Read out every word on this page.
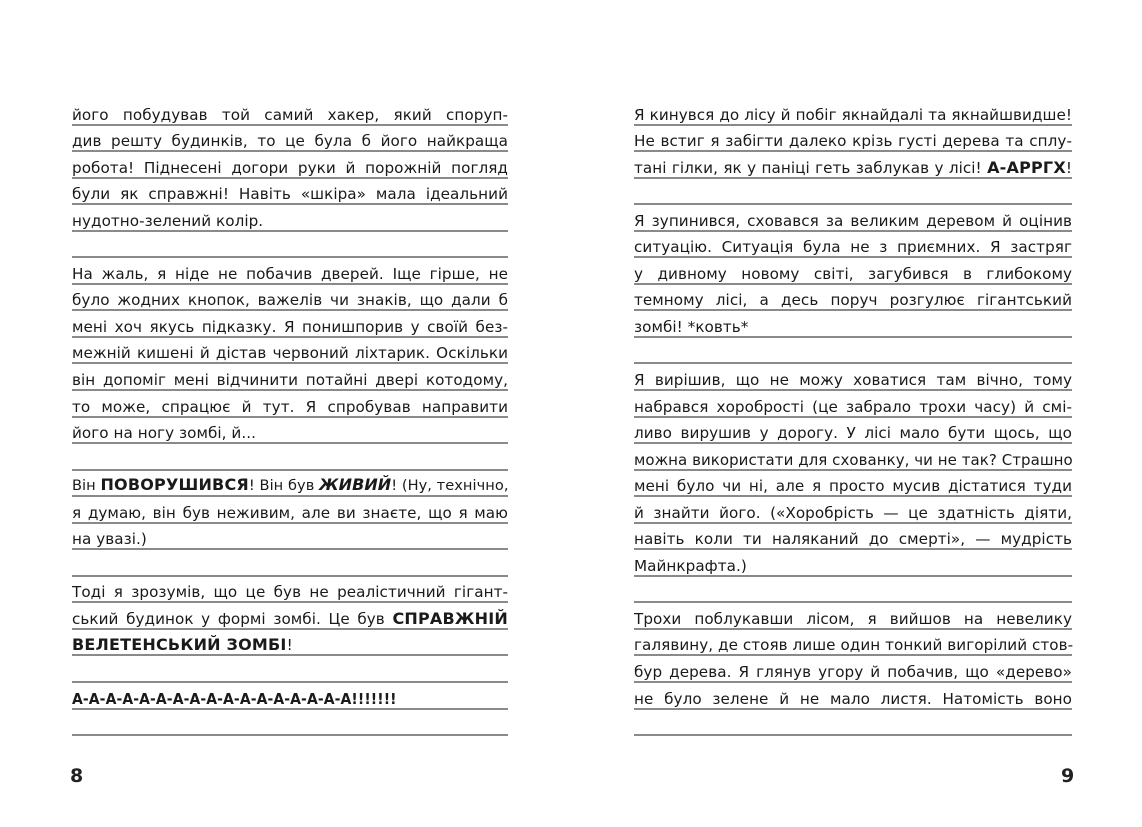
його побудував той самий хакер, який споруп-
див решту будинків, то це була б його найкраща
робота! Піднесені догори руки й порожній погляд
були як справжні! Навіть «шкіра» мала ідеальний
нудотно-зелений колір.
На жаль, я ніде не побачив дверей. Іще гірше, не
було жодних кнопок, важелів чи знаків, що дали б
мені хоч якусь підказку. Я понишпорив у своїй без-
межній кишені й дістав червоний ліхтарик. Оскільки
він допоміг мені відчинити потайні двері котодому,
то може, спрацює й тут. Я спробував направити
його на ногу зомбі, й...
Він ПОВОРУШИВСЯ! Він був ЖИВИЙ! (Ну, технічно,
я думаю, він був неживим, але ви знаєте, що я маю
на увазі.)
Тоді я зрозумів, що це був не реалістичний гігант-
ський будинок у формі зомбі. Це був СПРАВЖНІЙ
ВЕЛЕТЕНСЬКИЙ ЗОМБІ!
А-А-А-А-А-А-А-А-А-А-А-А-А-А-А-А-А!!!!!!!
8
Я кинувся до лісу й побіг якнайдалі та якнайшвидше!
Не встиг я забігти далеко крізь густі дерева та сплу-
тані гілки, як у паніці геть заблукав у лісі! А-АРРГХ!
Я зупинився, сховався за великим деревом й оцінив
ситуацію. Ситуація була не з приємних. Я застряг
у дивному новому світі, загубився в глибокому
темному лісі, а десь поруч розгулює гігантський
зомбі! *ковть*
Я вирішив, що не можу ховатися там вічно, тому
набрався хоробрості (це забрало трохи часу) й смі-
ливо вирушив у дорогу. У лісі мало бути щось, що
можна використати для схованку, чи не так? Страшно
мені було чи ні, але я просто мусив дістатися туди
й знайти його. («Хоробрість — це здатність діяти,
навіть коли ти наляканий до смерті», — мудрість
Майнкрафта.)
Трохи поблукавши лісом, я вийшов на невелику
галявину, де стояв лише один тонкий вигорілий стов-
бур дерева. Я глянув угору й побачив, що «дерево»
не було зелене й не мало листя. Натомість воно
9
